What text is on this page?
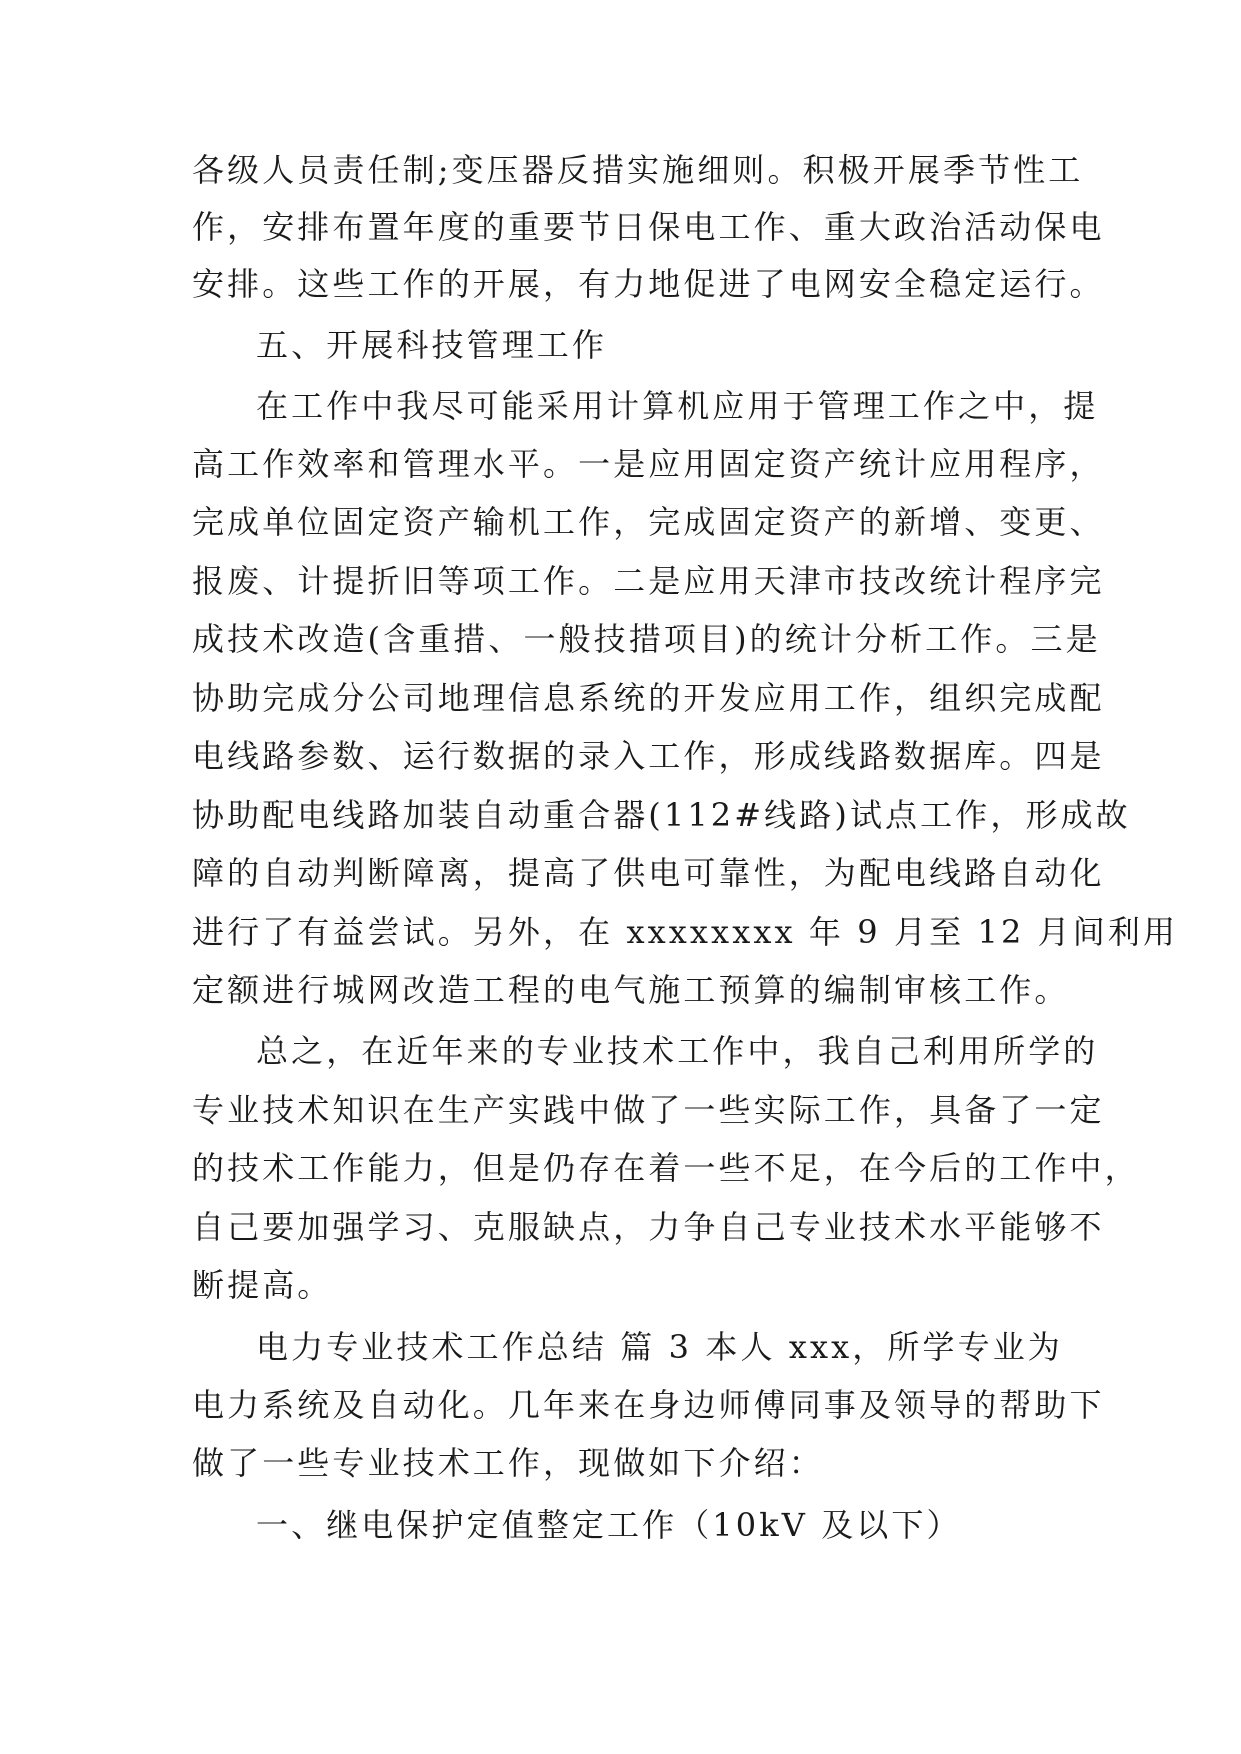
各级人员责任制;变压器反措实施细则。积极开展季节性工
作，安排布置年度的重要节日保电工作、重大政治活动保电
安排。这些工作的开展，有力地促进了电网安全稳定运行。
五、开展科技管理工作
在工作中我尽可能采用计算机应用于管理工作之中，提
高工作效率和管理水平。一是应用固定资产统计应用程序，
完成单位固定资产输机工作，完成固定资产的新增、变更、
报废、计提折旧等项工作。二是应用天津市技改统计程序完
成技术改造(含重措、一般技措项目)的统计分析工作。三是
协助完成分公司地理信息系统的开发应用工作，组织完成配
电线路参数、运行数据的录入工作，形成线路数据库。四是
协助配电线路加装自动重合器(112#线路)试点工作，形成故
障的自动判断障离，提高了供电可靠性，为配电线路自动化
进行了有益尝试。另外，在 xxxxxxxx 年 9 月至 12 月间利用
定额进行城网改造工程的电气施工预算的编制审核工作。
总之，在近年来的专业技术工作中，我自己利用所学的
专业技术知识在生产实践中做了一些实际工作，具备了一定
的技术工作能力，但是仍存在着一些不足，在今后的工作中，
自己要加强学习、克服缺点，力争自己专业技术水平能够不
断提高。
电力专业技术工作总结 篇 3 本人 xxx，所学专业为
电力系统及自动化。几年来在身边师傅同事及领导的帮助下
做了一些专业技术工作，现做如下介绍：
一、继电保护定值整定工作（10kV 及以下）
